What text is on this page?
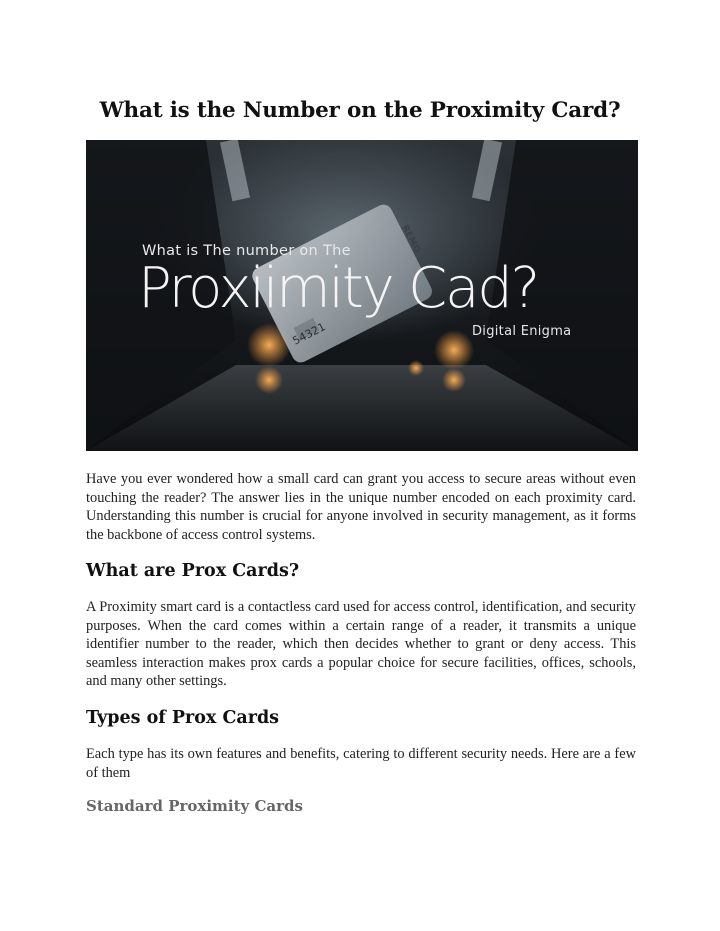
What is the Number on the Proximity Card?
What is The number on The
Proxiimity Cad?
Digital Enigma
54321
REMO

Have you ever wondered how a small card can grant you access to secure areas without even touching the reader? The answer lies in the unique number encoded on each proximity card. Understanding this number is crucial for anyone involved in security management, as it forms the backbone of access control systems.

What are Prox Cards?

A Proximity smart card is a contactless card used for access control, identification, and security purposes. When the card comes within a certain range of a reader, it transmits a unique identifier number to the reader, which then decides whether to grant or deny access. This seamless interaction makes prox cards a popular choice for secure facilities, offices, schools, and many other settings.

Types of Prox Cards

Each type has its own features and benefits, catering to different security needs. Here are a few of them

Standard Proximity Cards
